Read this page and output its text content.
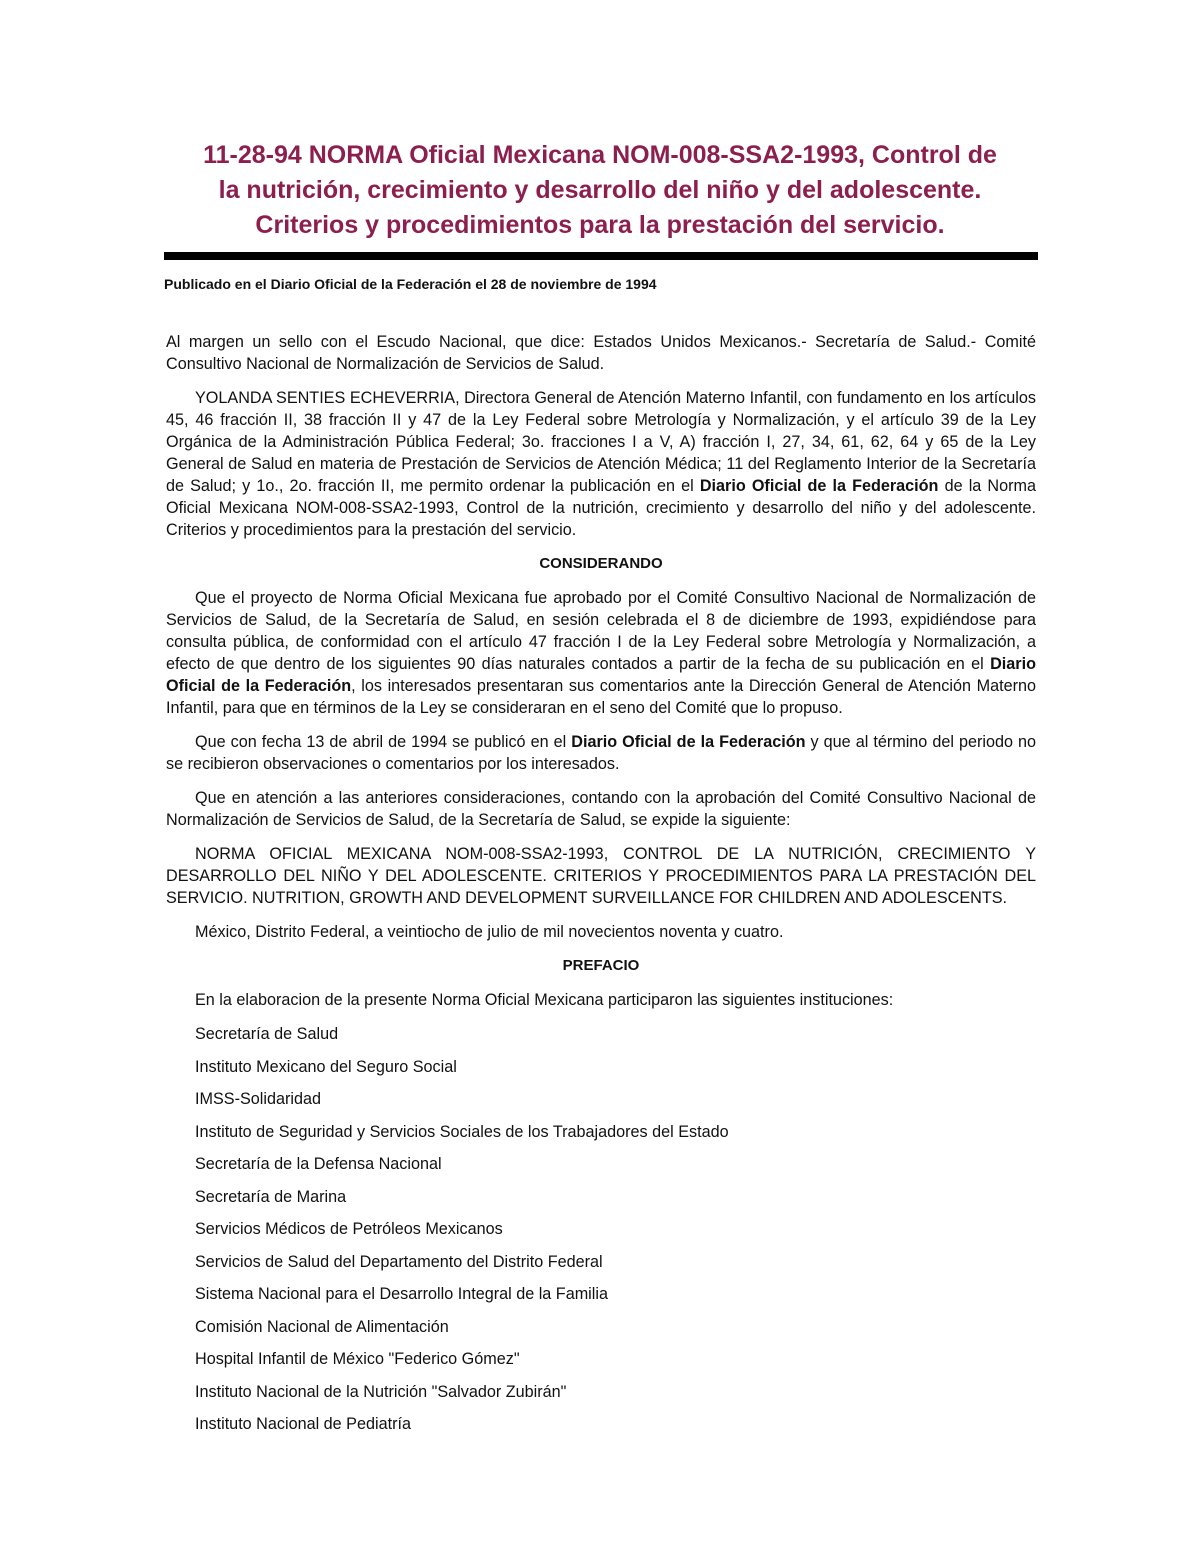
11-28-94 NORMA Oficial Mexicana NOM-008-SSA2-1993, Control de
la nutrición, crecimiento y desarrollo del niño y del adolescente.
Criterios y procedimientos para la prestación del servicio.
Publicado en el Diario Oficial de la Federación el 28 de noviembre de 1994

Al margen un sello con el Escudo Nacional, que dice: Estados Unidos Mexicanos.- Secretaría de Salud.- Comité Consultivo Nacional de Normalización de Servicios de Salud.

YOLANDA SENTIES ECHEVERRIA, Directora General de Atención Materno Infantil, con fundamento en los artículos 45, 46 fracción II, 38 fracción II y 47 de la Ley Federal sobre Metrología y Normalización, y el artículo 39 de la Ley Orgánica de la Administración Pública Federal; 3o. fracciones I a V, A) fracción I, 27, 34, 61, 62, 64 y 65 de la Ley General de Salud en materia de Prestación de Servicios de Atención Médica; 11 del Reglamento Interior de la Secretaría de Salud; y 1o., 2o. fracción II, me permito ordenar la publicación en el Diario Oficial de la Federación de la Norma Oficial Mexicana NOM-008-SSA2-1993, Control de la nutrición, crecimiento y desarrollo del niño y del adolescente. Criterios y procedimientos para la prestación del servicio.

CONSIDERANDO

Que el proyecto de Norma Oficial Mexicana fue aprobado por el Comité Consultivo Nacional de Normalización de Servicios de Salud, de la Secretaría de Salud, en sesión celebrada el 8 de diciembre de 1993, expidiéndose para consulta pública, de conformidad con el artículo 47 fracción I de la Ley Federal sobre Metrología y Normalización, a efecto de que dentro de los siguientes 90 días naturales contados a partir de la fecha de su publicación en el Diario Oficial de la Federación, los interesados presentaran sus comentarios ante la Dirección General de Atención Materno Infantil, para que en términos de la Ley se consideraran en el seno del Comité que lo propuso.

Que con fecha 13 de abril de 1994 se publicó en el Diario Oficial de la Federación y que al término del periodo no se recibieron observaciones o comentarios por los interesados.

Que en atención a las anteriores consideraciones, contando con la aprobación del Comité Consultivo Nacional de Normalización de Servicios de Salud, de la Secretaría de Salud, se expide la siguiente:

NORMA OFICIAL MEXICANA NOM-008-SSA2-1993, CONTROL DE LA NUTRICIÓN, CRECIMIENTO Y DESARROLLO DEL NIÑO Y DEL ADOLESCENTE. CRITERIOS Y PROCEDIMIENTOS PARA LA PRESTACIÓN DEL SERVICIO. NUTRITION, GROWTH AND DEVELOPMENT SURVEILLANCE FOR CHILDREN AND ADOLESCENTS.

México, Distrito Federal, a veintiocho de julio de mil novecientos noventa y cuatro.

PREFACIO

En la elaboracion de la presente Norma Oficial Mexicana participaron las siguientes instituciones:

Secretaría de Salud
Instituto Mexicano del Seguro Social
IMSS-Solidaridad
Instituto de Seguridad y Servicios Sociales de los Trabajadores del Estado
Secretaría de la Defensa Nacional
Secretaría de Marina
Servicios Médicos de Petróleos Mexicanos
Servicios de Salud del Departamento del Distrito Federal
Sistema Nacional para el Desarrollo Integral de la Familia
Comisión Nacional de Alimentación
Hospital Infantil de México "Federico Gómez"
Instituto Nacional de la Nutrición "Salvador Zubirán"
Instituto Nacional de Pediatría
